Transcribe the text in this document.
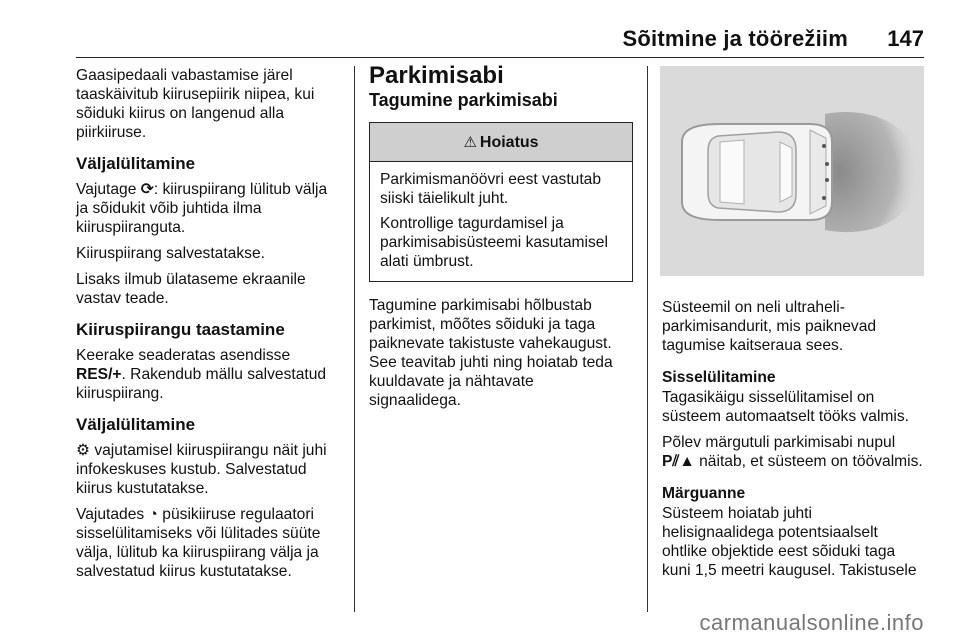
Sõitmine ja töörežiim 147

Gaasipedaali vabastamise järel
taaskäivitub kiirusepiirik niipea, kui
sõiduki kiirus on langenud alla
piirkiiruse.

Väljalülitamine

Vajutage ⟳: kiiruspiirang lülitub välja
ja sõidukit võib juhtida ilma
kiiruspiiranguta.

Kiiruspiirang salvestatakse.

Lisaks ilmub ülataseme ekraanile
vastav teade.

Kiiruspiirangu taastamine

Keerake seaderatas asendisse
RES/+. Rakendub mällu salvestatud
kiiruspiirang.

Väljalülitamine

⚙ vajutamisel kiiruspiirangu näit juhi
infokeskuses kustub. Salvestatud
kiirus kustutatakse.

Vajutades ◔ püsikiiruse regulaatori
sisselülitamiseks või lülitades süüte
välja, lülitub ka kiiruspiirang välja ja
salvestatud kiirus kustutatakse.

Parkimisabi
Tagumine parkimisabi
⚠ Hoiatus

Parkimismanöövri eest vastutab
siiski täielikult juht.

Kontrollige tagurdamisel ja
parkimisabisüsteemi kasutamisel
alati ümbrust.

Tagumine parkimisabi hõlbustab
parkimist, mõõtes sõiduki ja taga
paiknevate takistuste vahekaugust.
See teavitab juhti ning hoiatab teda
kuuldavate ja nähtavate
signaalidega.

Süsteemil on neli ultraheli-
parkimisandurit, mis paiknevad
tagumise kaitseraua sees.

Sisselülitamine

Tagasikäigu sisselülitamisel on
süsteem automaatselt tööks valmis.

Põlev märgutuli parkimisabi nupul
P⫽▲ näitab, et süsteem on töövalmis.

Märguanne

Süsteem hoiatab juhti
helisignaalidega potentsiaalselt
ohtlike objektide eest sõiduki taga
kuni 1,5 meetri kaugusel. Takistusele

carmanualsonline.info
